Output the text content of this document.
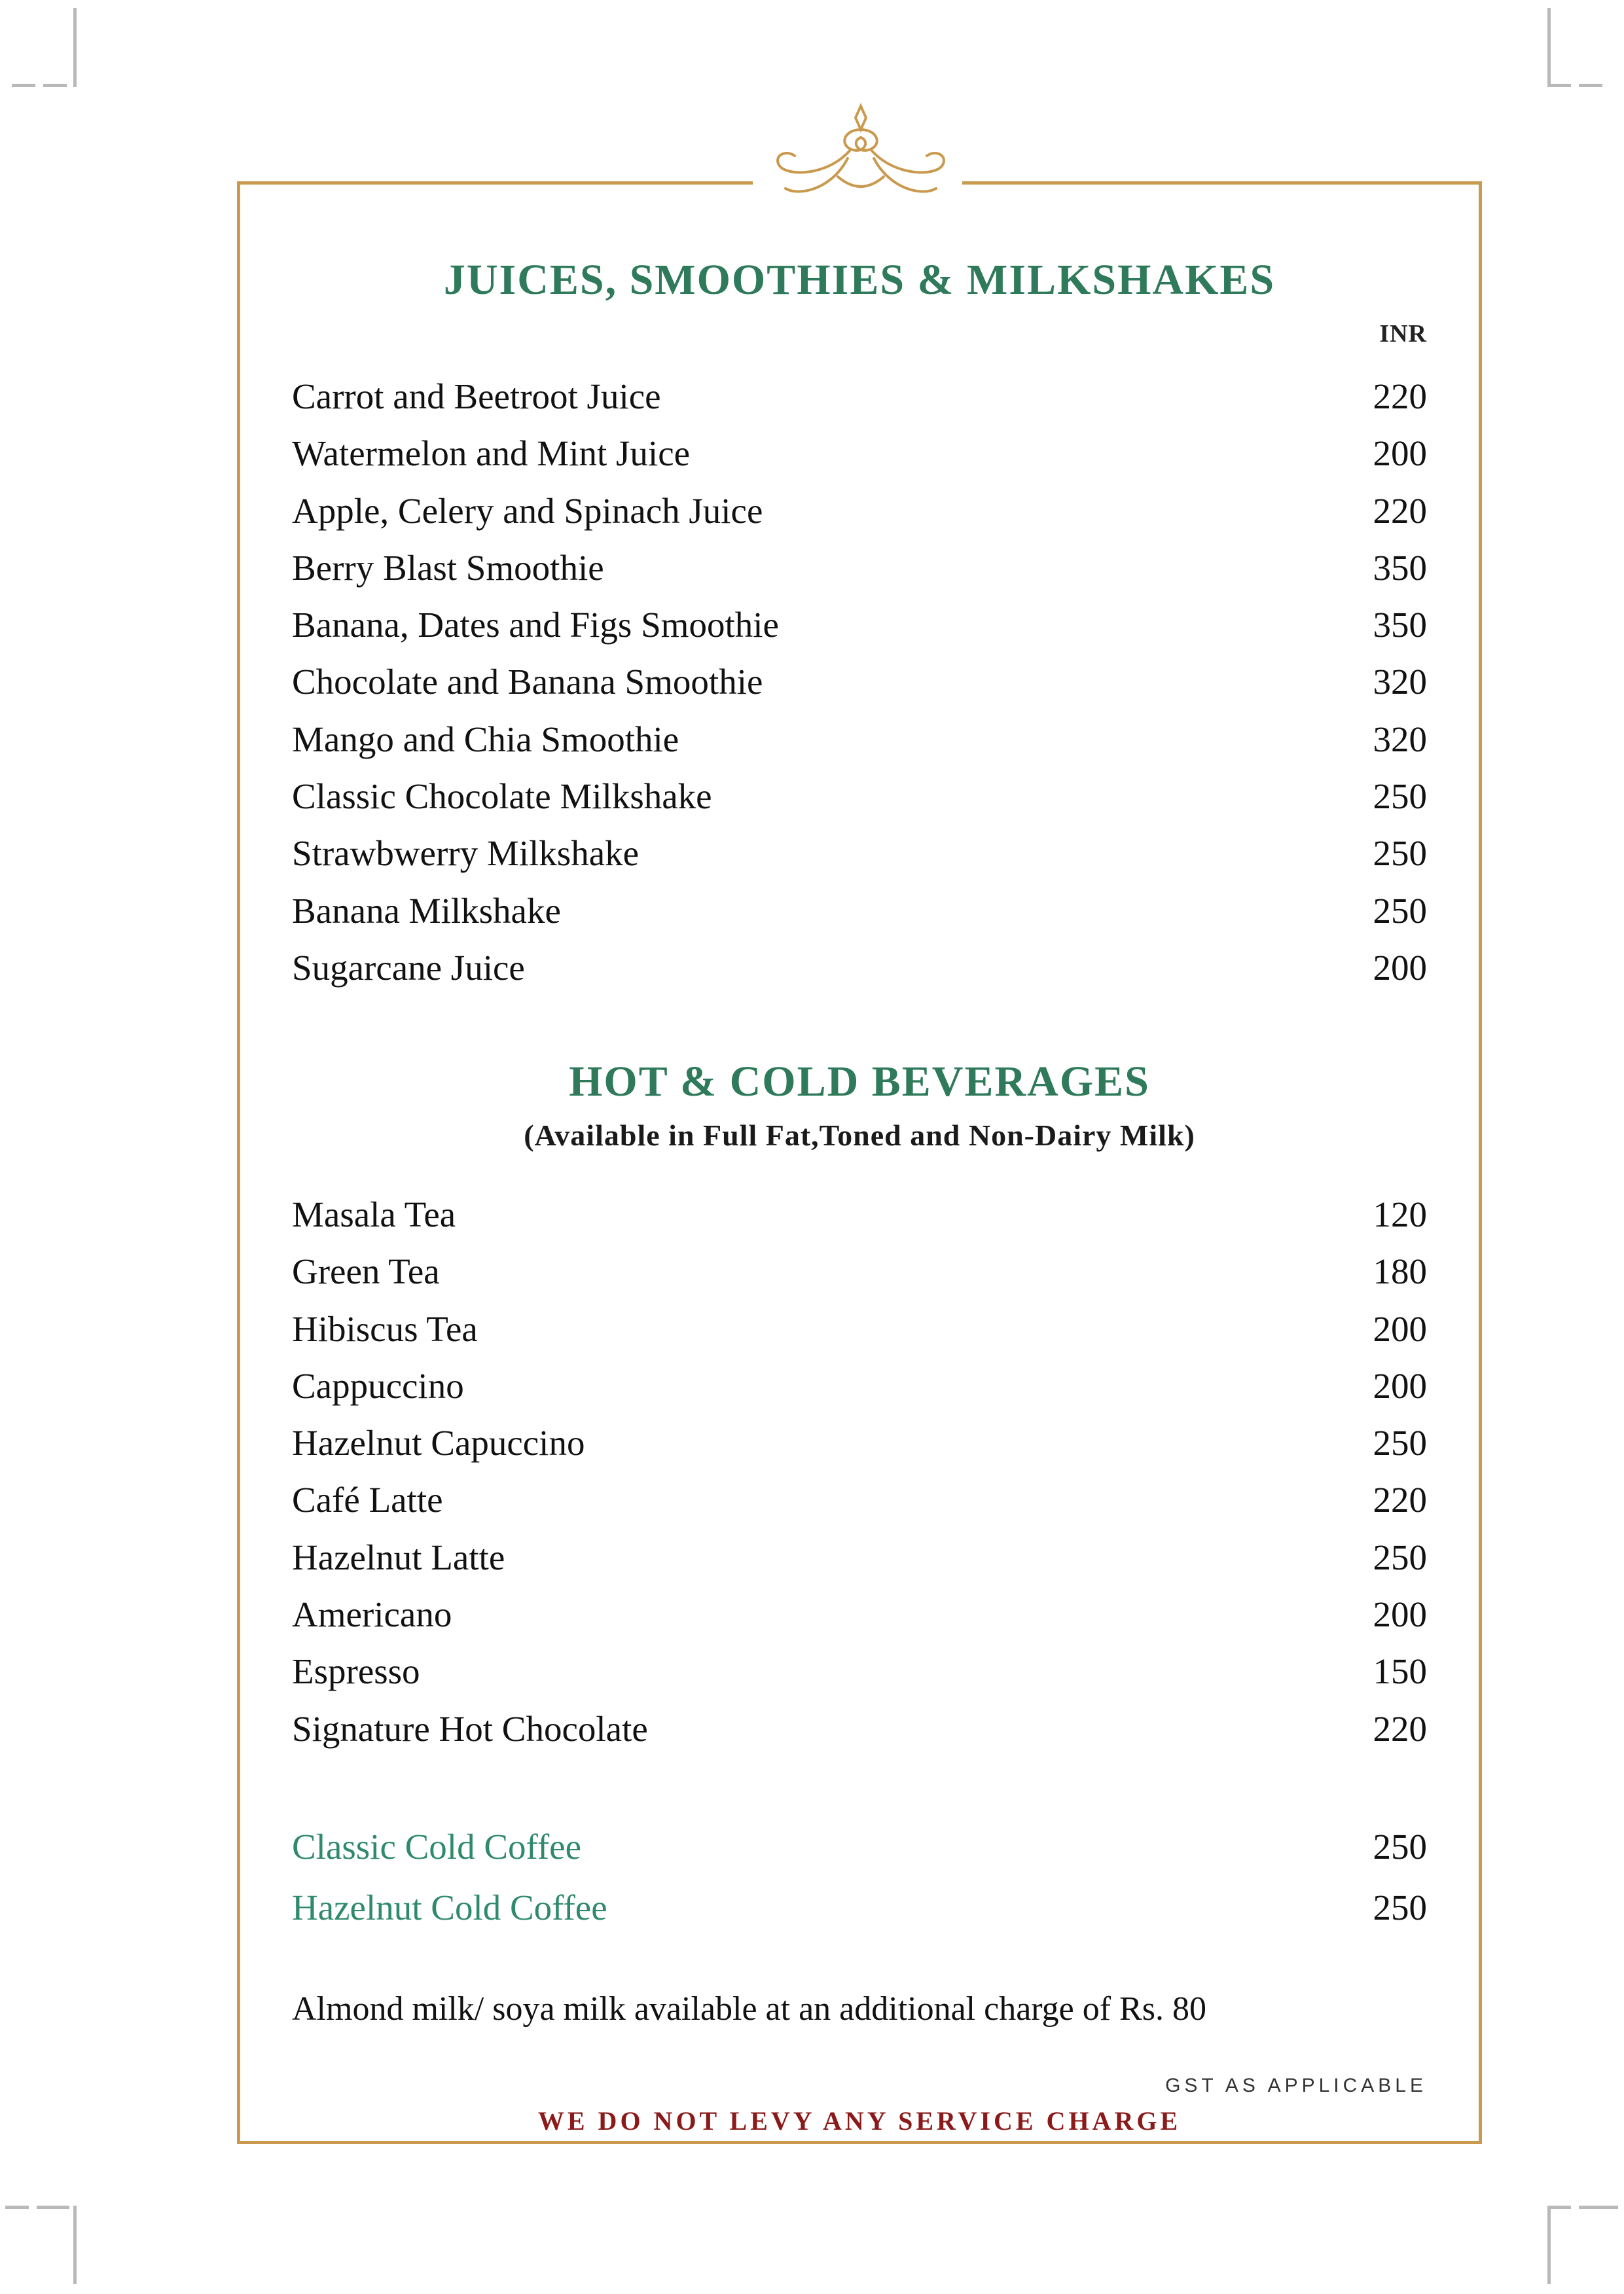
JUICES, SMOOTHIES & MILKSHAKES
INR
Carrot and Beetroot Juice	220
Watermelon and Mint Juice	200
Apple, Celery and Spinach Juice	220
Berry Blast Smoothie	350
Banana, Dates and Figs Smoothie	350
Chocolate and Banana Smoothie	320
Mango and Chia Smoothie	320
Classic Chocolate Milkshake	250
Strawbwerry Milkshake	250
Banana Milkshake	250
Sugarcane Juice	200
HOT & COLD BEVERAGES
(Available in Full Fat,Toned and Non-Dairy Milk)
Masala Tea	120
Green Tea	180
Hibiscus Tea	200
Cappuccino	200
Hazelnut Capuccino	250
Café Latte	220
Hazelnut Latte	250
Americano	200
Espresso	150
Signature Hot Chocolate	220
Classic Cold Coffee	250
Hazelnut Cold Coffee	250
Almond milk/ soya milk available at an additional charge of Rs. 80
GST AS APPLICABLE
WE DO NOT LEVY ANY SERVICE CHARGE
